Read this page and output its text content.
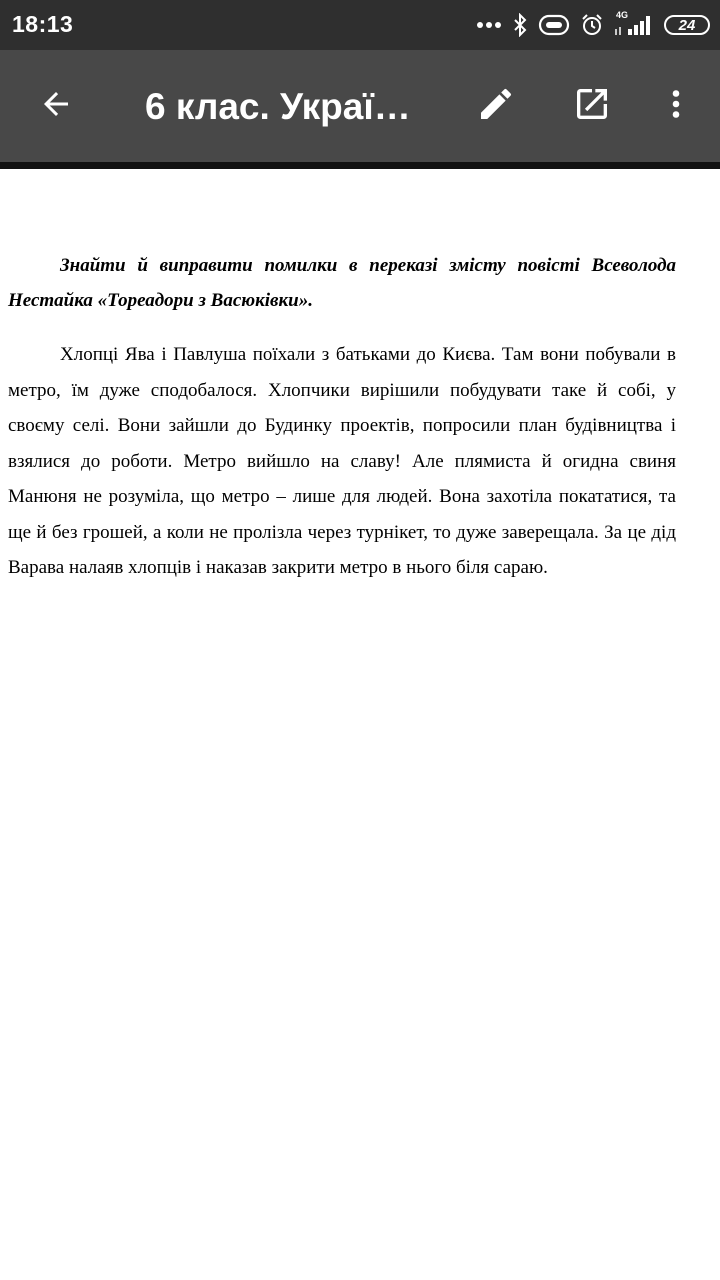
18:13	4G
24
6 клас. Украї…

Знайти й виправити помилки в переказі змісту повісті Всеволода Нестайка «Тореадори з Васюківки».

Хлопці Ява і Павлуша поїхали з батьками до Києва. Там вони побували в метро, їм дуже сподобалося. Хлопчики вирішили побудувати таке й собі, у своєму селі. Вони зайшли до Будинку проектів, попросили план будівництва і взялися до роботи. Метро вийшло на славу! Але плямиста й огидна свиня Манюня не розуміла, що метро – лише для людей. Вона захотіла покататися, та ще й без грошей, а коли не пролізла через турнікет, то дуже заверещала. За це дід Варава налаяв хлопців і наказав закрити метро в нього біля сараю.
